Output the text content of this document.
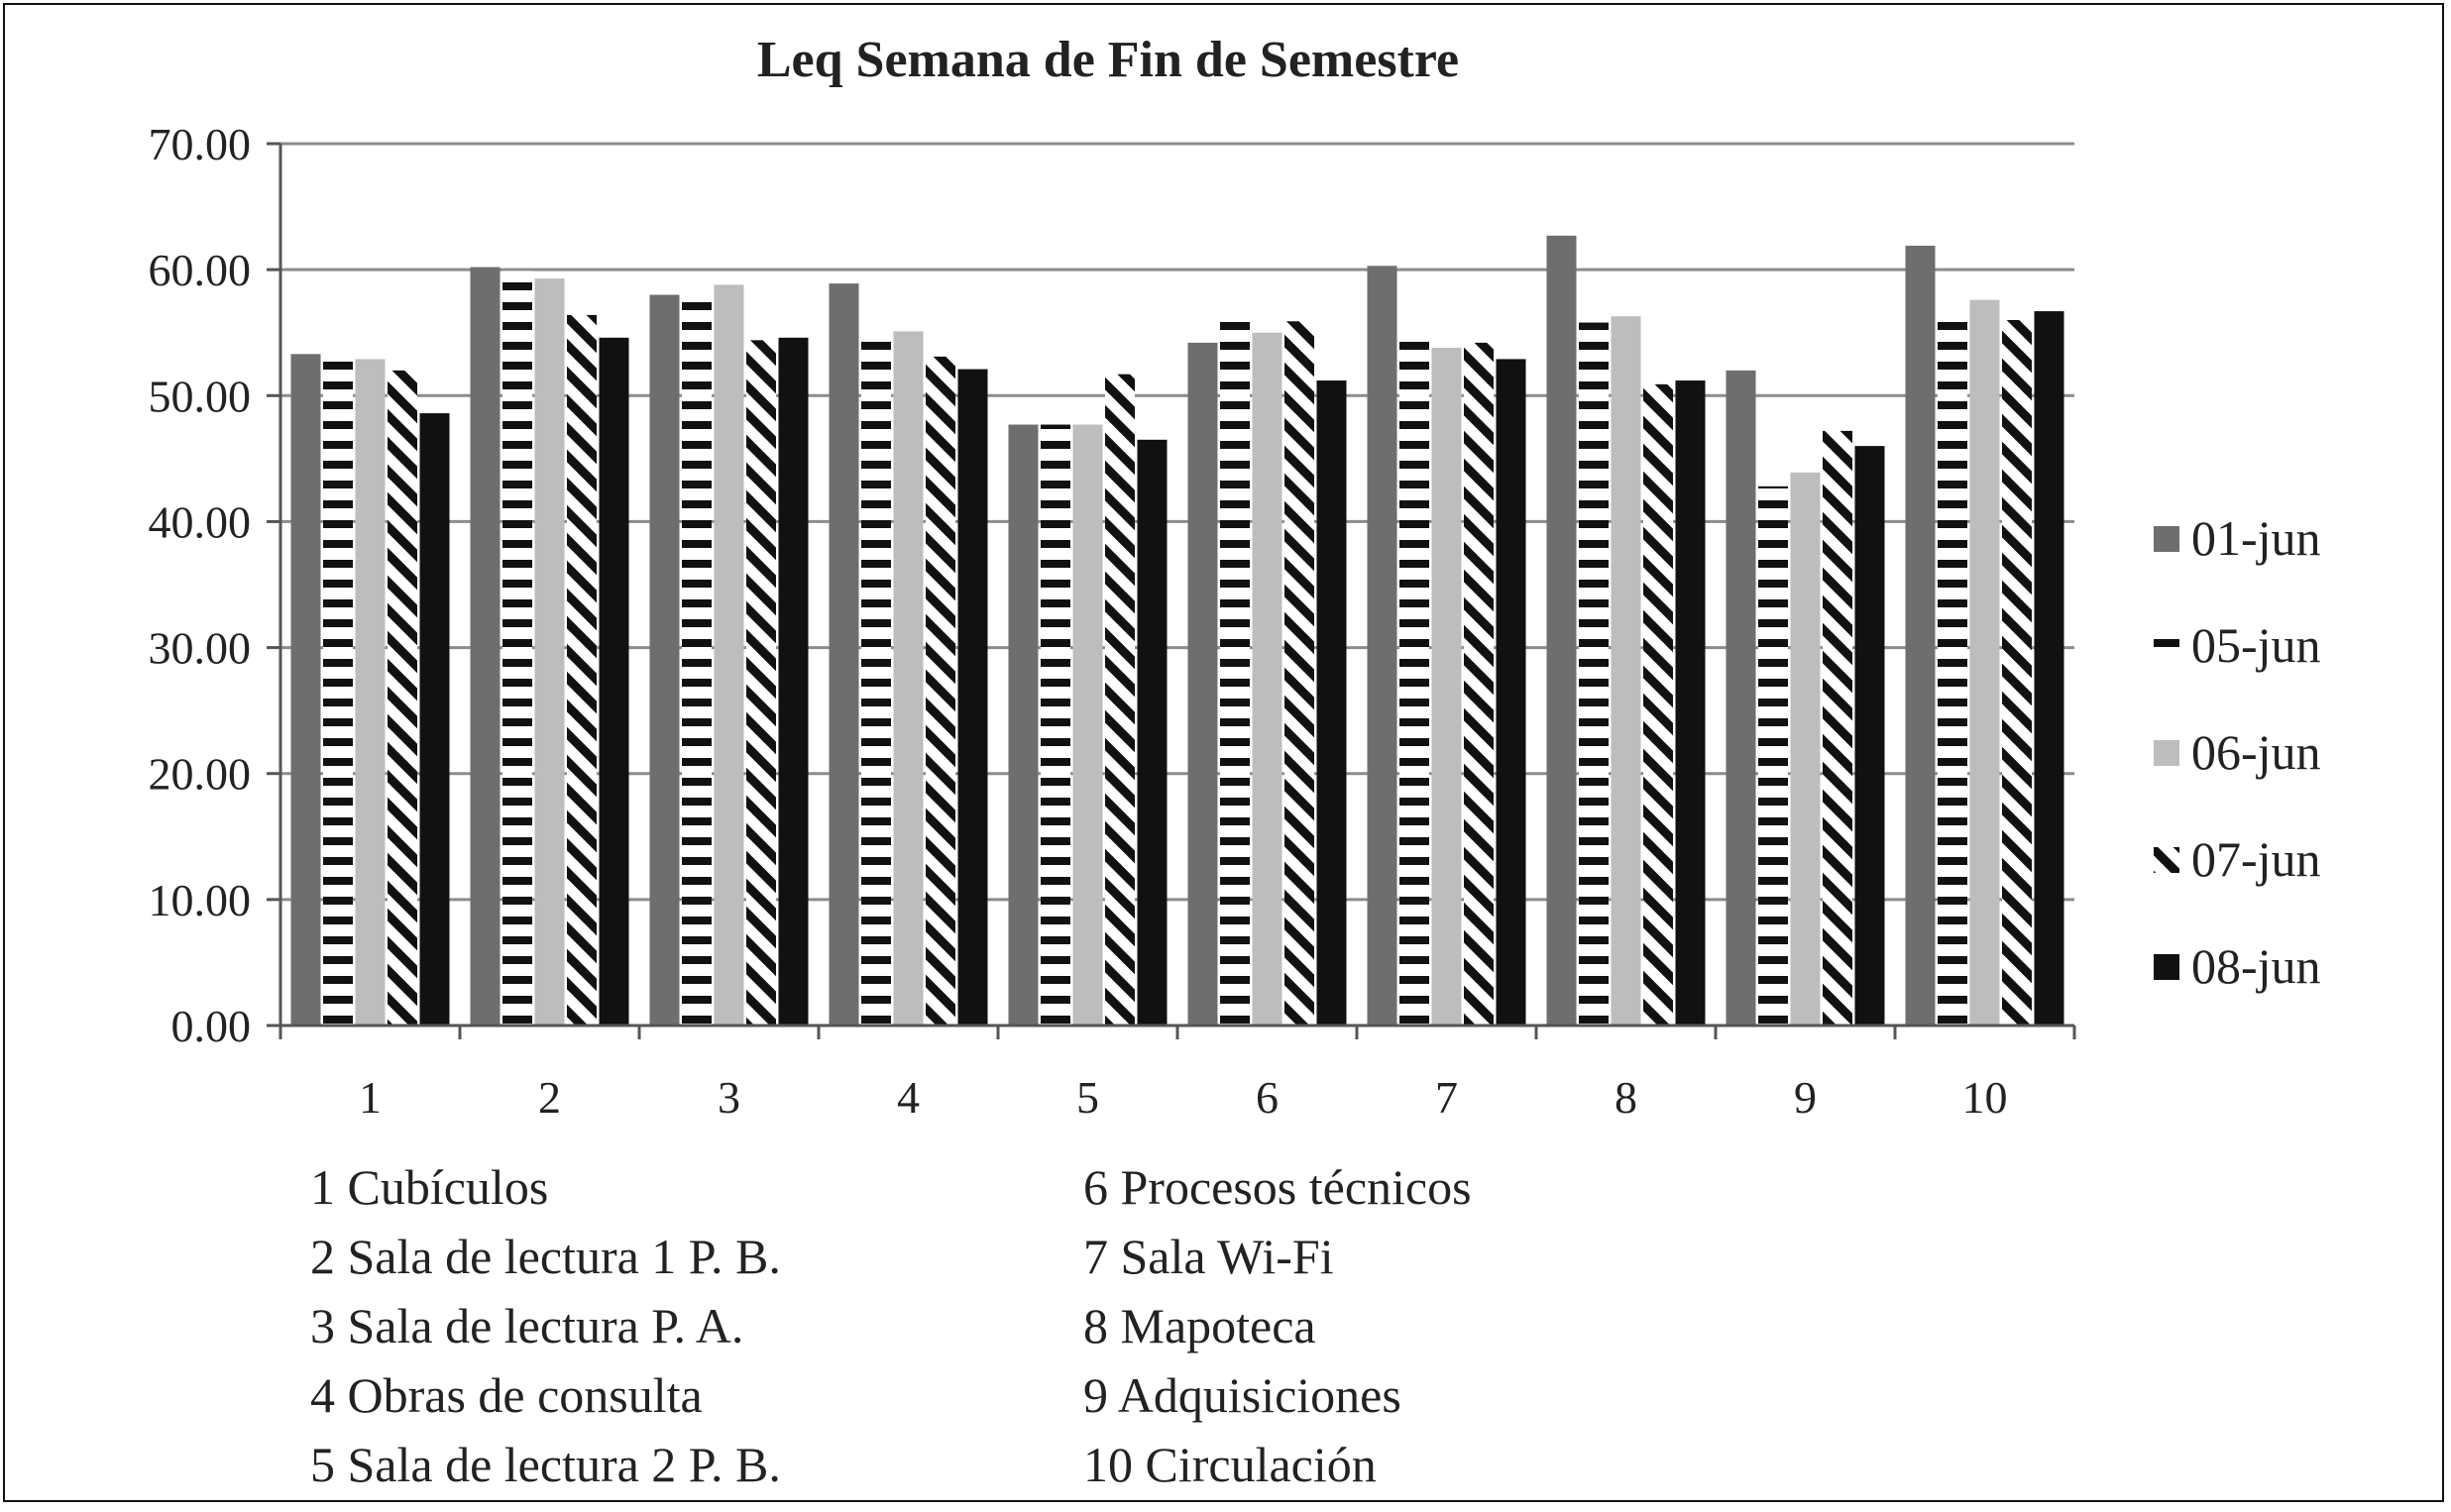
Leq Semana de Fin de Semestre
0.00
10.00
20.00
30.00
40.00
50.00
60.00
70.00
1	2	3	4	5	6	7	8	9	10
01-jun
05-jun
06-jun
07-jun
08-jun
1 Cubículos
2 Sala de lectura 1 P. B.
3 Sala de lectura P. A.
4 Obras de consulta
5 Sala de lectura 2 P. B.
6 Procesos técnicos
7 Sala Wi-Fi
8 Mapoteca
9 Adquisiciones
10 Circulación
